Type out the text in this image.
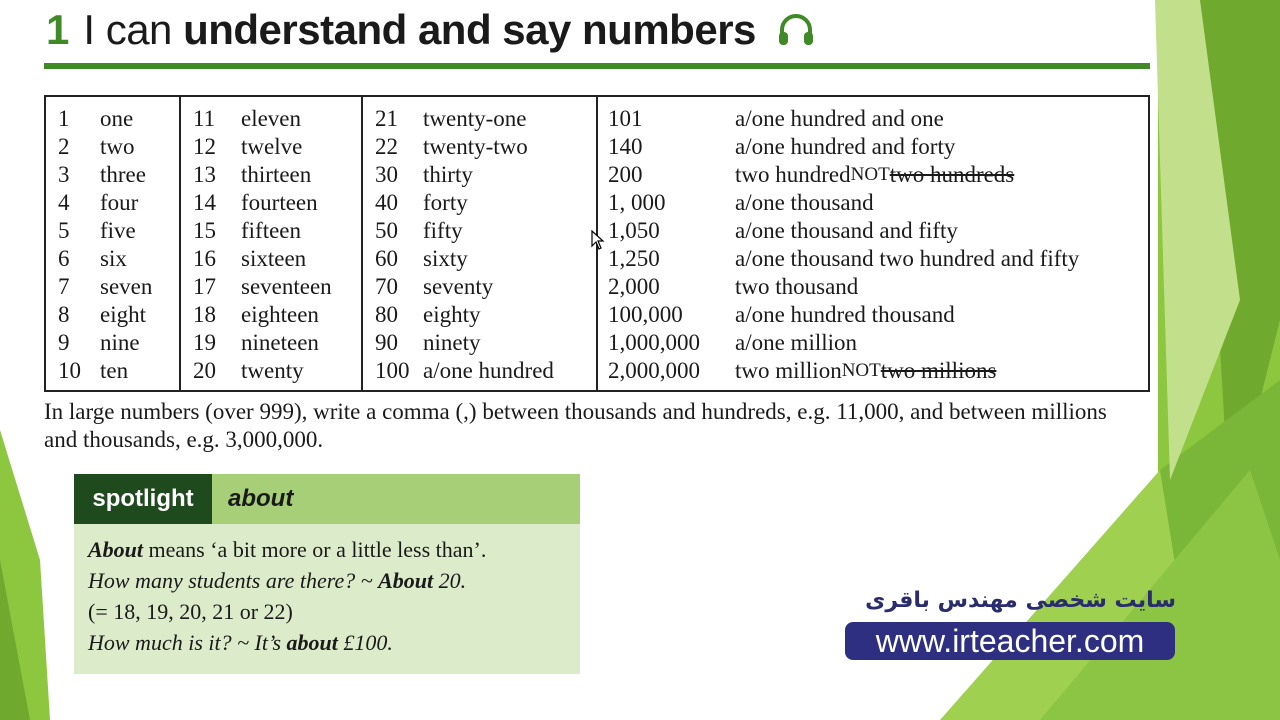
1 I can understand and say numbers
1	one
2	two
3	three
4	four
5	five
6	six
7	seven
8	eight
9	nine
10 ten
11	eleven
12	twelve
13	thirteen
14	fourteen
15	fifteen
16	sixteen
17	seventeen
18	eighteen
19	nineteen
20	twenty
21	twenty-one
22	twenty-two
30	thirty
40	forty
50	fifty
60	sixty
70	seventy
80	eighty
90	ninety
100 a/one hundred
101	a/one hundred and one
140	a/one hundred and forty
200	two hundred NOT two hundreds
1, 000	a/one thousand
1,050	a/one thousand and fifty
1,250	a/one thousand two hundred and fifty
2,000	two thousand
100,000	a/one hundred thousand
1,000,000	a/one million
2,000,000	two million NOT two millions
In large numbers (over 999), write a comma (,) between thousands and hundreds, e.g. 11,000, and between millions and thousands, e.g. 3,000,000.
spotlight	about
About means ‘a bit more or a little less than’.
How many students are there? ~ About 20.
(= 18, 19, 20, 21 or 22)
How much is it? ~ It’s about £100.
سایت شخصی مهندس باقری
www.irteacher.com
